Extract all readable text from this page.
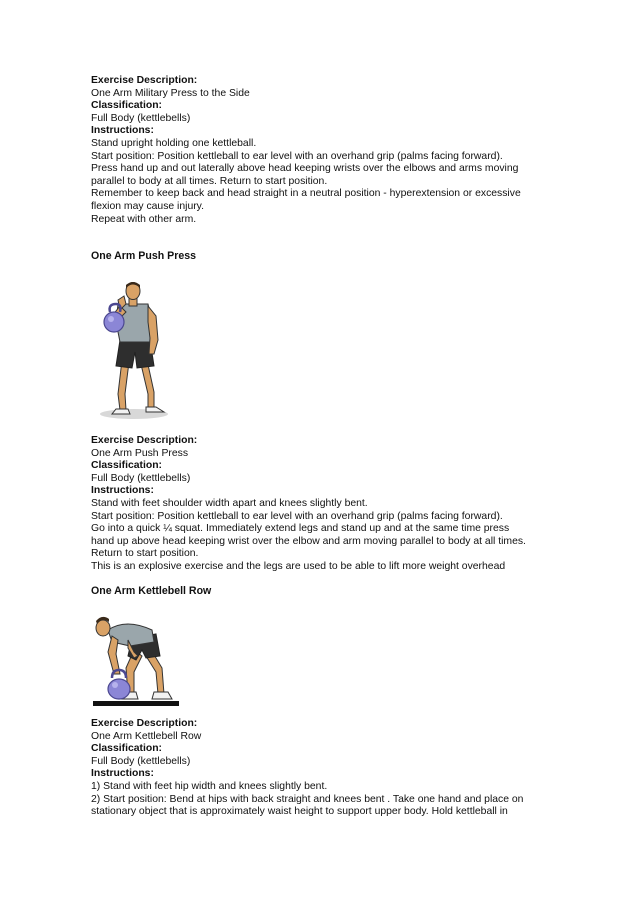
Exercise Description:
One Arm Military Press to the Side
Classification:
Full Body (kettlebells)
Instructions:
Stand upright holding one kettleball.
Start position: Position kettleball to ear level with an overhand grip (palms facing forward).
Press hand up and out laterally above head keeping wrists over the elbows and arms moving
parallel to body at all times. Return to start position.
Remember to keep back and head straight in a neutral position - hyperextension or excessive
flexion may cause injury.
Repeat with other arm.
One Arm Push Press
Exercise Description:
One Arm Push Press
Classification:
Full Body (kettlebells)
Instructions:
Stand with feet shoulder width apart and knees slightly bent.
Start position: Position kettleball to ear level with an overhand grip (palms facing forward).
Go into a quick ¼ squat. Immediately extend legs and stand up and at the same time press
hand up above head keeping wrist over the elbow and arm moving parallel to body at all times.
Return to start position.
This is an explosive exercise and the legs are used to be able to lift more weight overhead
One Arm Kettlebell Row
Exercise Description:
One Arm Kettlebell Row
Classification:
Full Body (kettlebells)
Instructions:
1) Stand with feet hip width and knees slightly bent.
2) Start position: Bend at hips with back straight and knees bent . Take one hand and place on
stationary object that is approximately waist height to support upper body. Hold kettleball in
